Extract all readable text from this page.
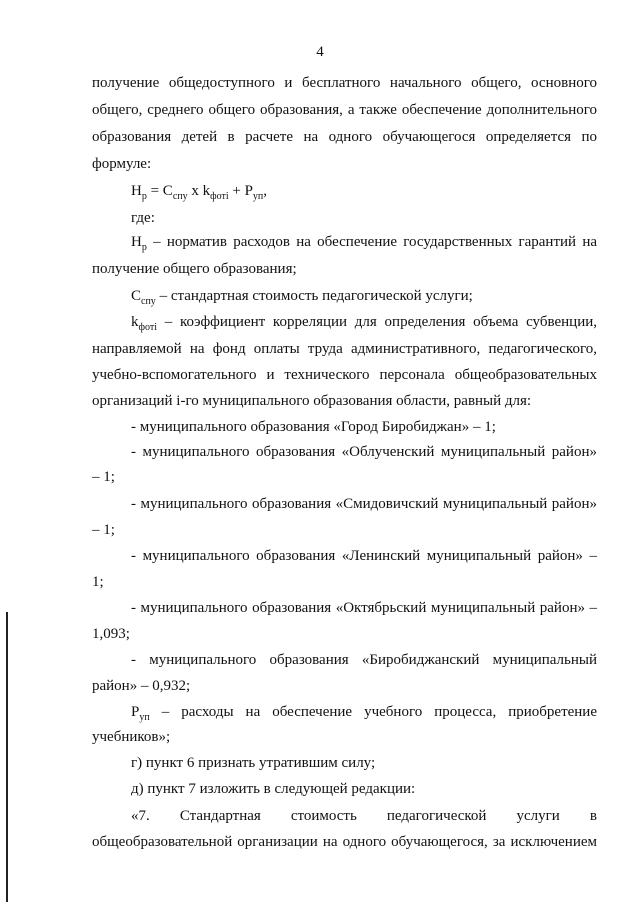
4
получение общедоступного и бесплатного начального общего, основного
общего, среднего общего образования, а также обеспечение дополнительного
образования детей в расчете на одного обучающегося определяется по
формуле:
$Н_р = С_{спу}$ х $k_{фотi} + Р_{уп}$,
где:
$Н_р$ – норматив расходов на обеспечение государственных гарантий на
получение общего образования;
$С_{спу}$ – стандартная стоимость педагогической услуги;
$k_{фотi}$ – коэффициент корреляции для определения объема субвенции,
направляемой на фонд оплаты труда административного, педагогического,
учебно-вспомогательного и технического персонала общеобразовательных
организаций i-го муниципального образования области, равный для:
- муниципального образования «Город Биробиджан» – 1;
- муниципального образования «Облученский муниципальный район»
– 1;
- муниципального образования «Смидовичский муниципальный район»
– 1;
- муниципального образования «Ленинский муниципальный район» –
1;
- муниципального образования «Октябрьский муниципальный район» –
1,093;
- муниципального образования «Биробиджанский муниципальный
район» – 0,932;
$Р_{уп}$ – расходы на обеспечение учебного процесса, приобретение
учебников»;
г) пункт 6 признать утратившим силу;
д) пункт 7 изложить в следующей редакции:
«7. Стандартная стоимость педагогической услуги в
общеобразовательной организации на одного обучающегося, за исключением
